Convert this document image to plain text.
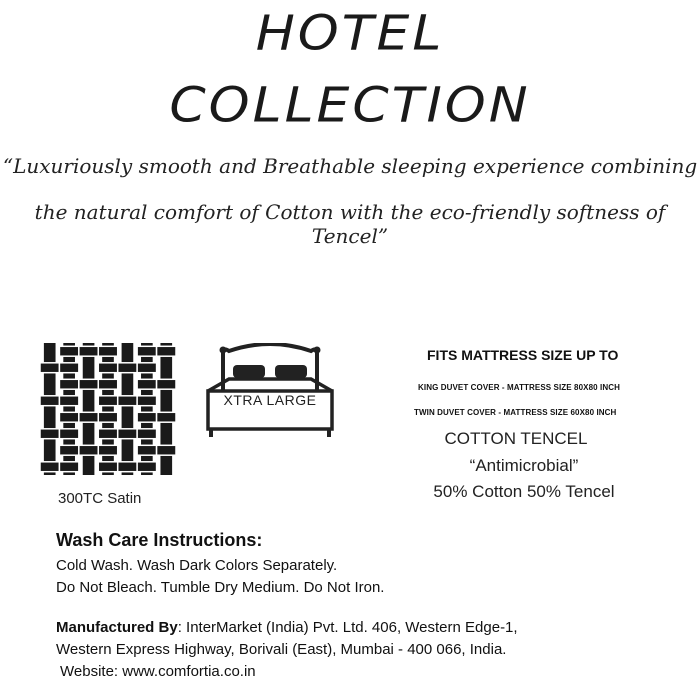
HOTEL
COLLECTION
“Luxuriously smooth and Breathable sleeping experience combining
the natural comfort of Cotton with the eco-friendly softness of Tencel”
300TC Satin
XTRA LARGE
FITS MATTRESS SIZE UP TO
KING DUVET COVER - MATTRESS SIZE 80X80 INCH
TWIN DUVET COVER - MATTRESS SIZE 60X80 INCH
COTTON TENCEL
“Antimicrobial”
50% Cotton 50% Tencel
Wash Care Instructions:
Cold Wash. Wash Dark Colors Separately.
Do Not Bleach. Tumble Dry Medium. Do Not Iron.
Manufactured By: InterMarket (India) Pvt. Ltd. 406, Western Edge-1,
Western Express Highway, Borivali (East), Mumbai - 400 066, India.
Website: www.comfortia.co.in
